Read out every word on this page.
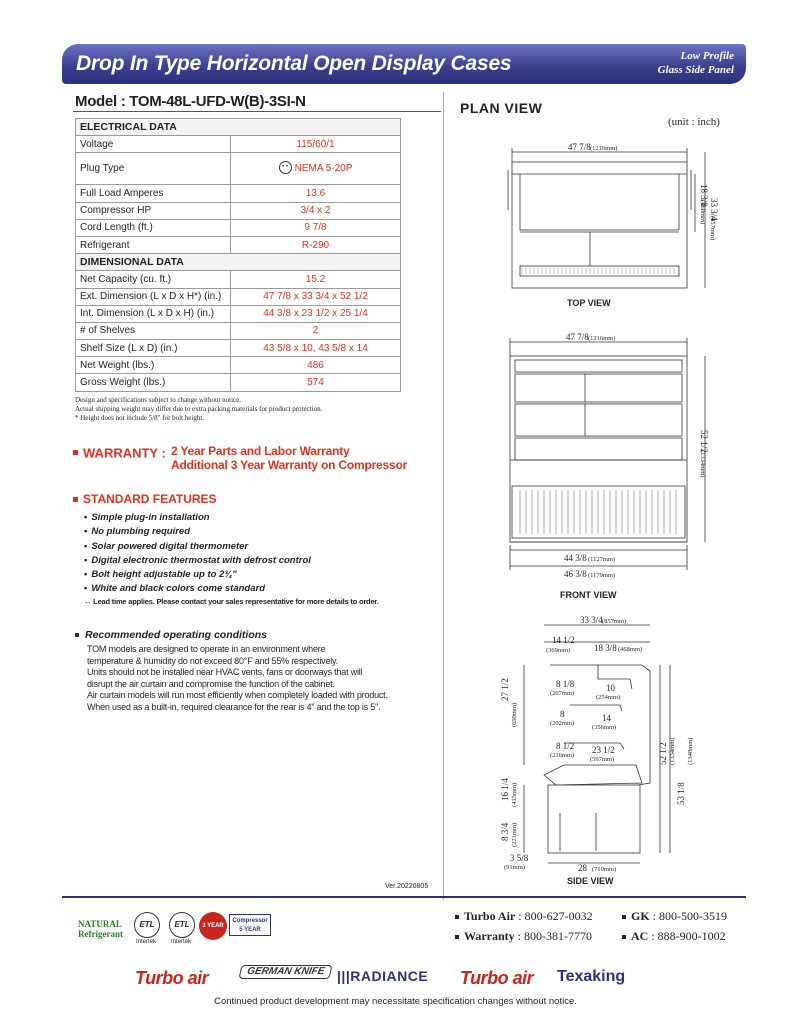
Drop In Type Horizontal Open Display Cases	Low Profile
Glass Side Panel
Model : TOM-48L-UFD-W(B)-3SI-N
ELECTRICAL DATA	
Voltage	115/60/1
Plug Type	• • NEMA 5-20P
Full Load Amperes	13.6
Compressor HP	3/4 x 2
Cord Length (ft.)	9 7/8
Refrigerant	R-290
DIMENSIONAL DATA	
Net Capacity (cu. ft.)	15.2
Ext. Dimension (L x D x H*) (in.)	47 7/8 x 33 3/4 x 52 1/2
Int. Dimension (L x D x H) (in.)	44 3/8 x 23 1/2 x 25 1/4
# of Shelves	2
Shelf Size (L x D) (in.)	43 5/8 x 10, 43 5/8 x 14
Net Weight (lbs.)	486
Gross Weight (lbs.)	574
Design and specifications subject to change without notice.
Actual shipping weight may differ due to extra packing materials for product protection.
* Height does not include 5/8" for bolt height.
WARRANTY : 2 Year Parts and Labor Warranty
Additional 3 Year Warranty on Compressor
STANDARD FEATURES
• Simple plug-in installation
• No plumbing required
• Solar powered digital thermometer
• Digital electronic thermostat with defrost control
• Bolt height adjustable up to 2¾"
• White and black colors come standard
↔ Lead time applies. Please contact your sales representative for more details to order.
Recommended operating conditions
TOM models are designed to operate in an environment where
temperature & humidity do not exceed 80°F and 55% respectively.
Units should not be installed near HVAC vents, fans or doorways that will
disrupt the air curtain and compromise the function of the cabinet.
Air curtain models will run most efficiently when completely loaded with product.
When used as a built-in, required clearance for the rear is 4" and the top is 5".
Ver.20220805
PLAN VIEW
(unit : inch)
47 7/8 (1216mm)
18 3/8
(468mm) 33 3/4
(857mm)
TOP VIEW
47 7/8 (1216mm)
44 3/8 (1127mm)
46 3/8 (1179mm)
52 1/2
(1334mm)
FRONT VIEW
33 3/4 (857mm)
14 1/2
(369mm)	18 3/8 (468mm)
8 1/8
(207mm)
10
(254mm)
8
(202mm)
14
(356mm)
8 1/2
(216mm)
23 1/2
(597mm)
27 1/2
(699mm)
16 1/4 (413mm)
8 3/4 (221mm)
3 5/8
(91mm)	28 (710mm)
52 1/2 (1334mm)
53 1/8
(1348mm)
SIDE VIEW
NATURAL
Refrigerant
ETL
Intertek
ETL
Intertek
3 YEAR
Compressor
5 YEAR
Turbo Air : 800-627-0032	GK : 800-500-3519
Warranty : 800-381-7770	AC : 888-900-1002
Turbo air	GERMAN KNIFE |||RADIANCE Turbo air Texaking
Continued product development may necessitate specification changes without notice.
